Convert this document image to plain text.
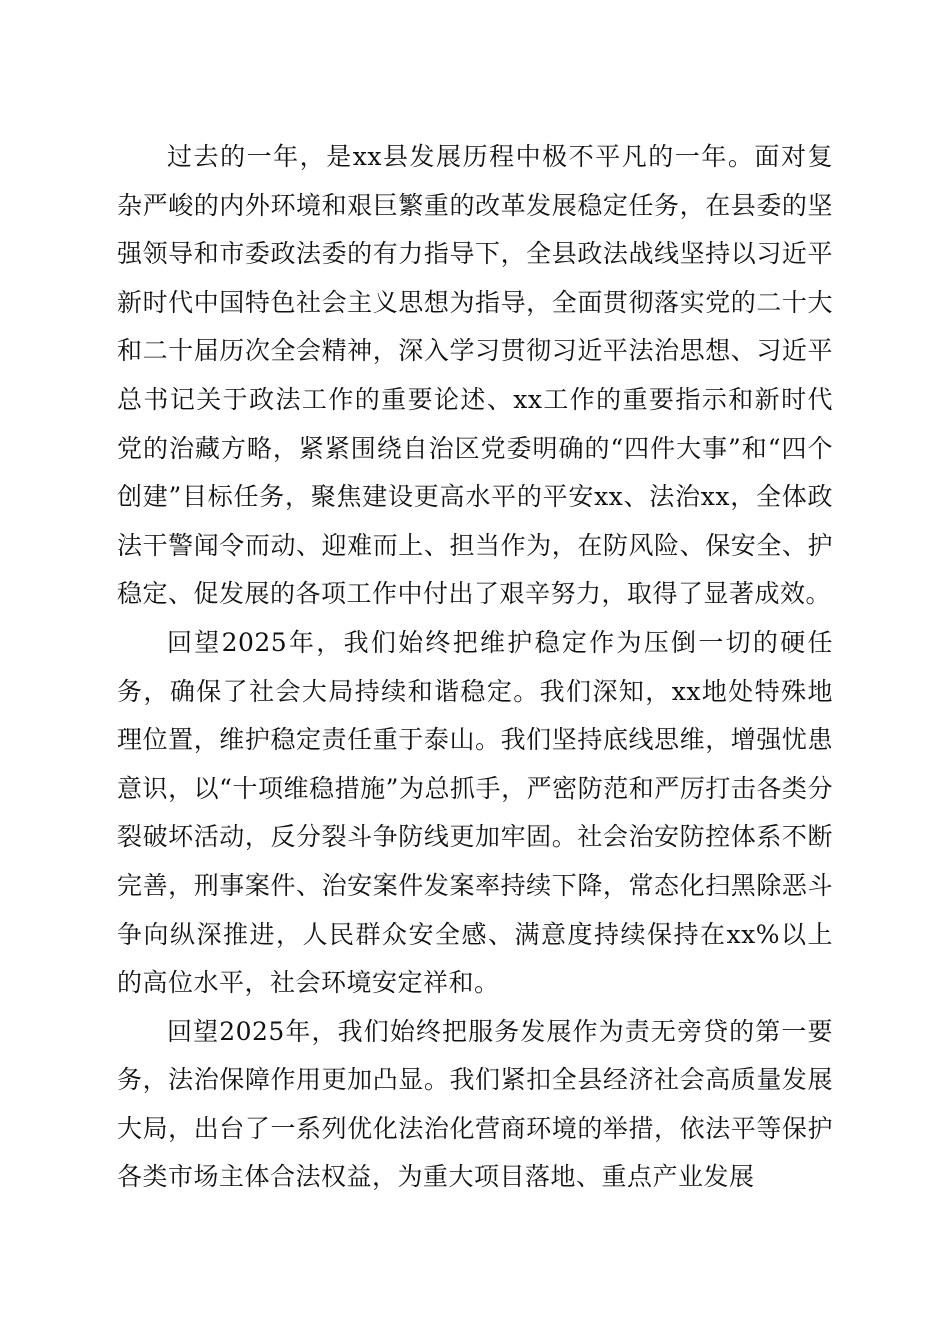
过去的一年，是xx县发展历程中极不平凡的一年。面对复杂严峻的内外环境和艰巨繁重的改革发展稳定任务，在县委的坚强领导和市委政法委的有力指导下，全县政法战线坚持以习近平新时代中国特色社会主义思想为指导，全面贯彻落实党的二十大和二十届历次全会精神，深入学习贯彻习近平法治思想、习近平总书记关于政法工作的重要论述、xx工作的重要指示和新时代党的治藏方略，紧紧围绕自治区党委明确的“四件大事”和“四个创建”目标任务，聚焦建设更高水平的平安xx、法治xx，全体政法干警闻令而动、迎难而上、担当作为，在防风险、保安全、护稳定、促发展的各项工作中付出了艰辛努力，取得了显著成效。

回望2025年，我们始终把维护稳定作为压倒一切的硬任务，确保了社会大局持续和谐稳定。我们深知，xx地处特殊地理位置，维护稳定责任重于泰山。我们坚持底线思维，增强忧患意识，以“十项维稳措施”为总抓手，严密防范和严厉打击各类分裂破坏活动，反分裂斗争防线更加牢固。社会治安防控体系不断完善，刑事案件、治安案件发案率持续下降，常态化扫黑除恶斗争向纵深推进，人民群众安全感、满意度持续保持在xx%以上的高位水平，社会环境安定祥和。

回望2025年，我们始终把服务发展作为责无旁贷的第一要务，法治保障作用更加凸显。我们紧扣全县经济社会高质量发展大局，出台了一系列优化法治化营商环境的举措，依法平等保护各类市场主体合法权益，为重大项目落地、重点产业发展
